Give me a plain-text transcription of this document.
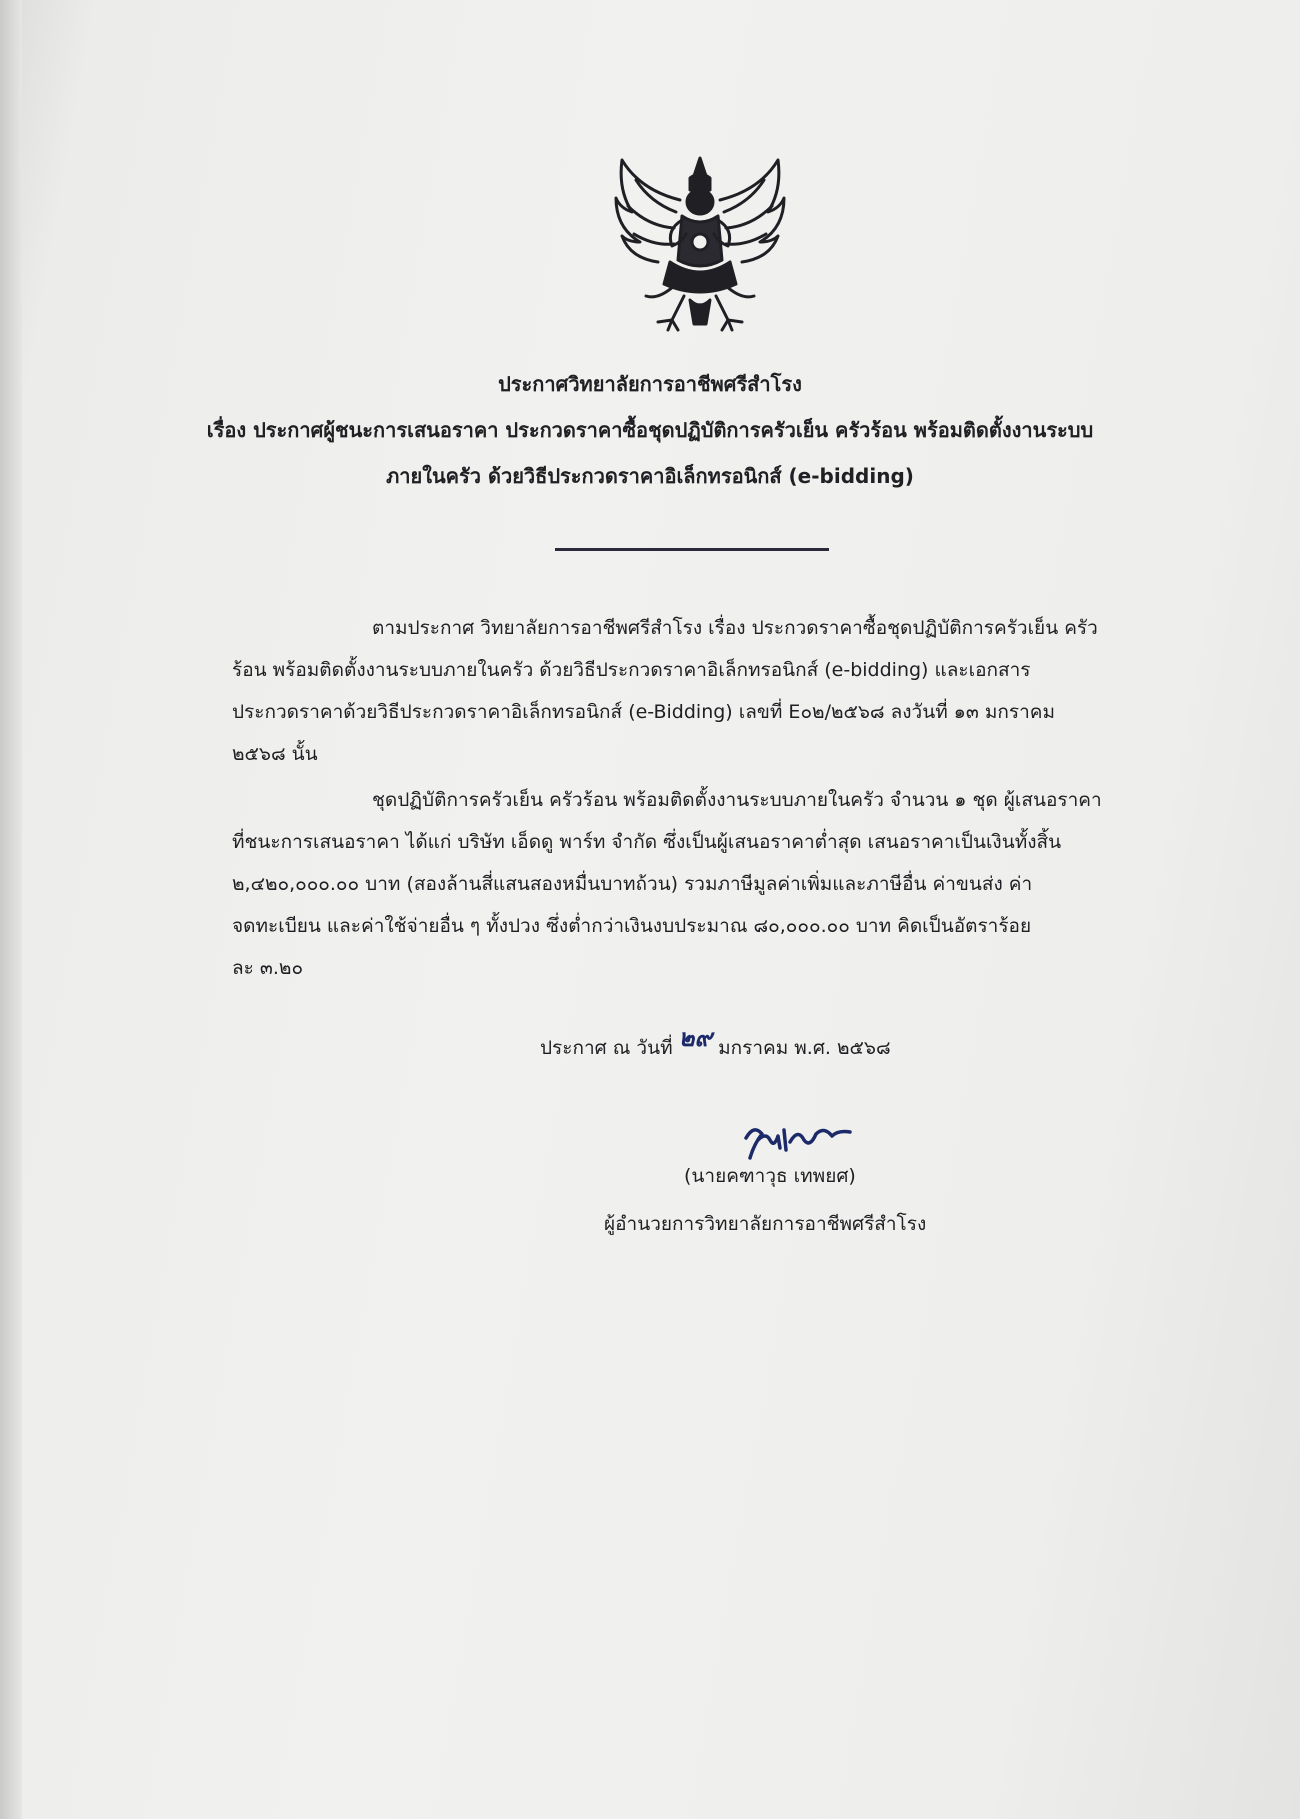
ประกาศวิทยาลัยการอาชีพศรีสำโรง
เรื่อง ประกาศผู้ชนะการเสนอราคา ประกวดราคาซื้อชุดปฏิบัติการครัวเย็น ครัวร้อน พร้อมติดตั้งงานระบบ
ภายในครัว ด้วยวิธีประกวดราคาอิเล็กทรอนิกส์ (e-bidding)
ตามประกาศ วิทยาลัยการอาชีพศรีสำโรง เรื่อง ประกวดราคาซื้อชุดปฏิบัติการครัวเย็น ครัว
ร้อน พร้อมติดตั้งงานระบบภายในครัว ด้วยวิธีประกวดราคาอิเล็กทรอนิกส์ (e-bidding) และเอกสาร
ประกวดราคาด้วยวิธีประกวดราคาอิเล็กทรอนิกส์ (e-Bidding) เลขที่ E๐๒/๒๕๖๘ ลงวันที่ ๑๓ มกราคม
๒๕๖๘ นั้น
ชุดปฏิบัติการครัวเย็น ครัวร้อน พร้อมติดตั้งงานระบบภายในครัว จำนวน ๑ ชุด ผู้เสนอราคา
ที่ชนะการเสนอราคา ได้แก่ บริษัท เอ็ดดู พาร์ท จำกัด ซึ่งเป็นผู้เสนอราคาต่ำสุด เสนอราคาเป็นเงินทั้งสิ้น
๒,๔๒๐,๐๐๐.๐๐ บาท (สองล้านสี่แสนสองหมื่นบาทถ้วน) รวมภาษีมูลค่าเพิ่มและภาษีอื่น ค่าขนส่ง ค่า
จดทะเบียน และค่าใช้จ่ายอื่น ๆ ทั้งปวง ซึ่งต่ำกว่าเงินงบประมาณ ๘๐,๐๐๐.๐๐ บาท คิดเป็นอัตราร้อย
ละ ๓.๒๐
ประกาศ ณ วันที่ ๒๙ มกราคม พ.ศ. ๒๕๖๘
(นายคฑาวุธ เทพยศ)
ผู้อำนวยการวิทยาลัยการอาชีพศรีสำโรง
